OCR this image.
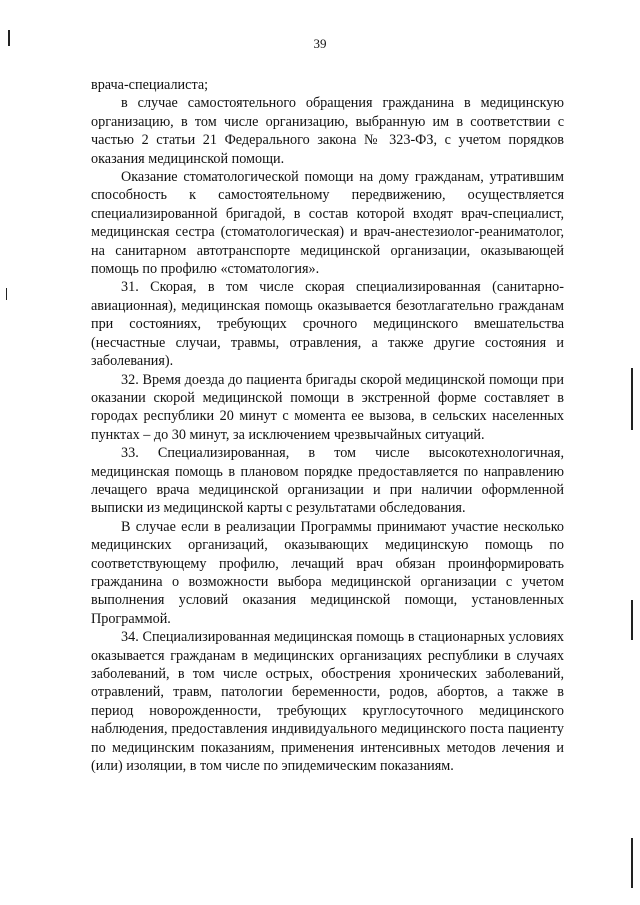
39

врача-специалиста;

в случае самостоятельного обращения гражданина в медицинскую организацию, в том числе организацию, выбранную им в соответствии с частью 2 статьи 21 Федерального закона № 323-ФЗ, с учетом порядков оказания медицинской помощи.

Оказание стоматологической помощи на дому гражданам, утратившим способность к самостоятельному передвижению, осуществляется специализированной бригадой, в состав которой входят врач-специалист, медицинская сестра (стоматологическая) и врач-анестезиолог-реаниматолог, на санитарном автотранспорте медицинской организации, оказывающей помощь по профилю «стоматология».

31. Скорая, в том числе скорая специализированная (санитарно-авиационная), медицинская помощь оказывается безотлагательно гражданам при состояниях, требующих срочного медицинского вмешательства (несчастные случаи, травмы, отравления, а также другие состояния и заболевания).

32. Время доезда до пациента бригады скорой медицинской помощи при оказании скорой медицинской помощи в экстренной форме составляет в городах республики 20 минут с момента ее вызова, в сельских населенных пунктах – до 30 минут, за исключением чрезвычайных ситуаций.

33. Специализированная, в том числе высокотехнологичная, медицинская помощь в плановом порядке предоставляется по направлению лечащего врача медицинской организации и при наличии оформленной выписки из медицинской карты с результатами обследования.

В случае если в реализации Программы принимают участие несколько медицинских организаций, оказывающих медицинскую помощь по соответствующему профилю, лечащий врач обязан проинформировать гражданина о возможности выбора медицинской организации с учетом выполнения условий оказания медицинской помощи, установленных Программой.

34. Специализированная медицинская помощь в стационарных условиях оказывается гражданам в медицинских организациях республики в случаях заболеваний, в том числе острых, обострения хронических заболеваний, отравлений, травм, патологии беременности, родов, абортов, а также в период новорожденности, требующих круглосуточного медицинского наблюдения, предоставления индивидуального медицинского поста пациенту по медицинским показаниям, применения интенсивных методов лечения и (или) изоляции, в том числе по эпидемическим показаниям.
